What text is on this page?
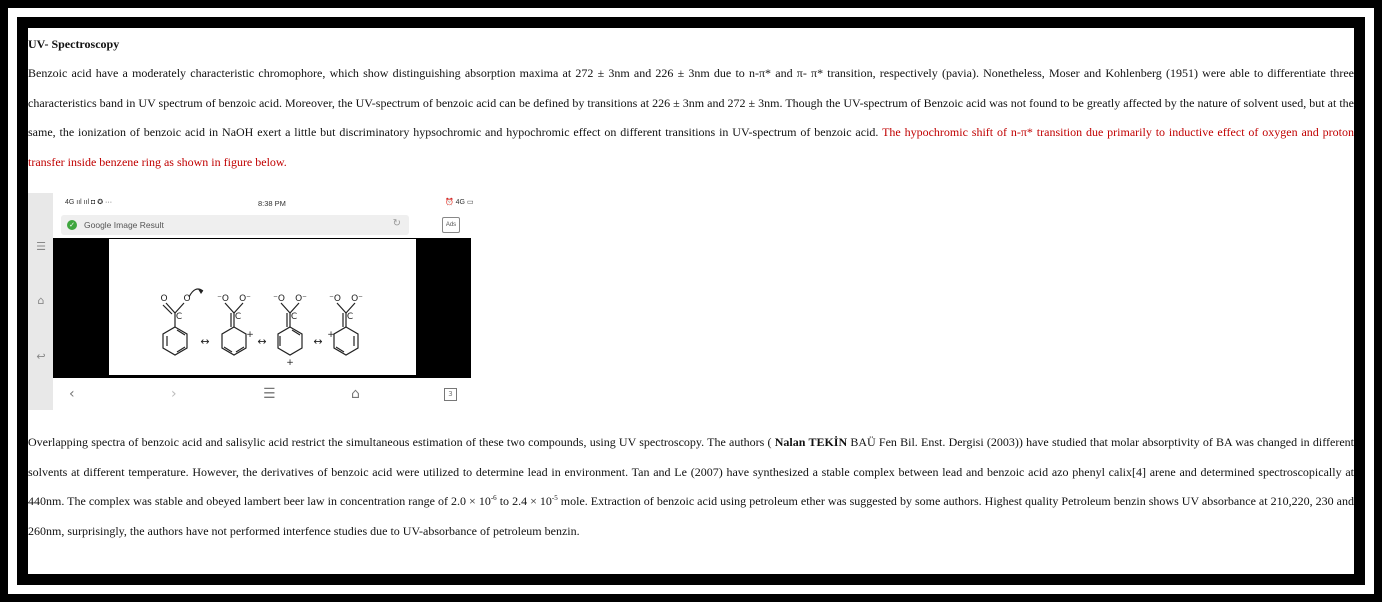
UV- Spectroscopy
Benzoic acid have a moderately characteristic chromophore, which show distinguishing absorption maxima at 272 ± 3nm and 226 ± 3nm due to n-π* and π- π* transition, respectively (pavia). Nonetheless, Moser and Kohlenberg (1951) were able to differentiate three characteristics band in UV spectrum of benzoic acid. Moreover, the UV-spectrum of benzoic acid can be defined by transitions at 226 ± 3nm and 272 ± 3nm. Though the UV-spectrum of Benzoic acid was not found to be greatly affected by the nature of solvent used, but at the same, the ionization of benzoic acid in NaOH exert a little but discriminatory hypsochromic and hypochromic effect on different transitions in UV-spectrum of benzoic acid. The hypochromic shift of n-π* transition due primarily to inductive effect of oxygen and proton transfer inside benzene ring as shown in figure below.
☰
⌂
↩
4G ııl ııl ◘ ✪ ···	8:38 PM	⏰ 4G ▭
✓ Google Image Result	↻	Ads
O O
C
⁻O O⁻
C
⁻O O⁻
C
⁻O O⁻
C
↔	↔	↔
+
+
+
‹	›	☰	⌂	3
Overlapping spectra of benzoic acid and salisylic acid restrict the simultaneous estimation of these two compounds, using UV spectroscopy. The authors ( Nalan TEKİN BAÜ Fen Bil. Enst. Dergisi (2003)) have studied that molar absorptivity of BA was changed in different solvents at different temperature. However, the derivatives of benzoic acid were utilized to determine lead in environment. Tan and Le (2007) have synthesized a stable complex between lead and benzoic acid azo phenyl calix[4] arene and determined spectroscopically at 440nm. The complex was stable and obeyed lambert beer law in concentration range of $2.0 \times 10^{-6}$ to $2.4 \times 10^{-5}$ mole. Extraction of benzoic acid using petroleum ether was suggested by some authors. Highest quality Petroleum benzin shows UV absorbance at 210,220, 230 and 260nm, surprisingly, the authors have not performed interfence studies due to UV-absorbance of petroleum benzin.
